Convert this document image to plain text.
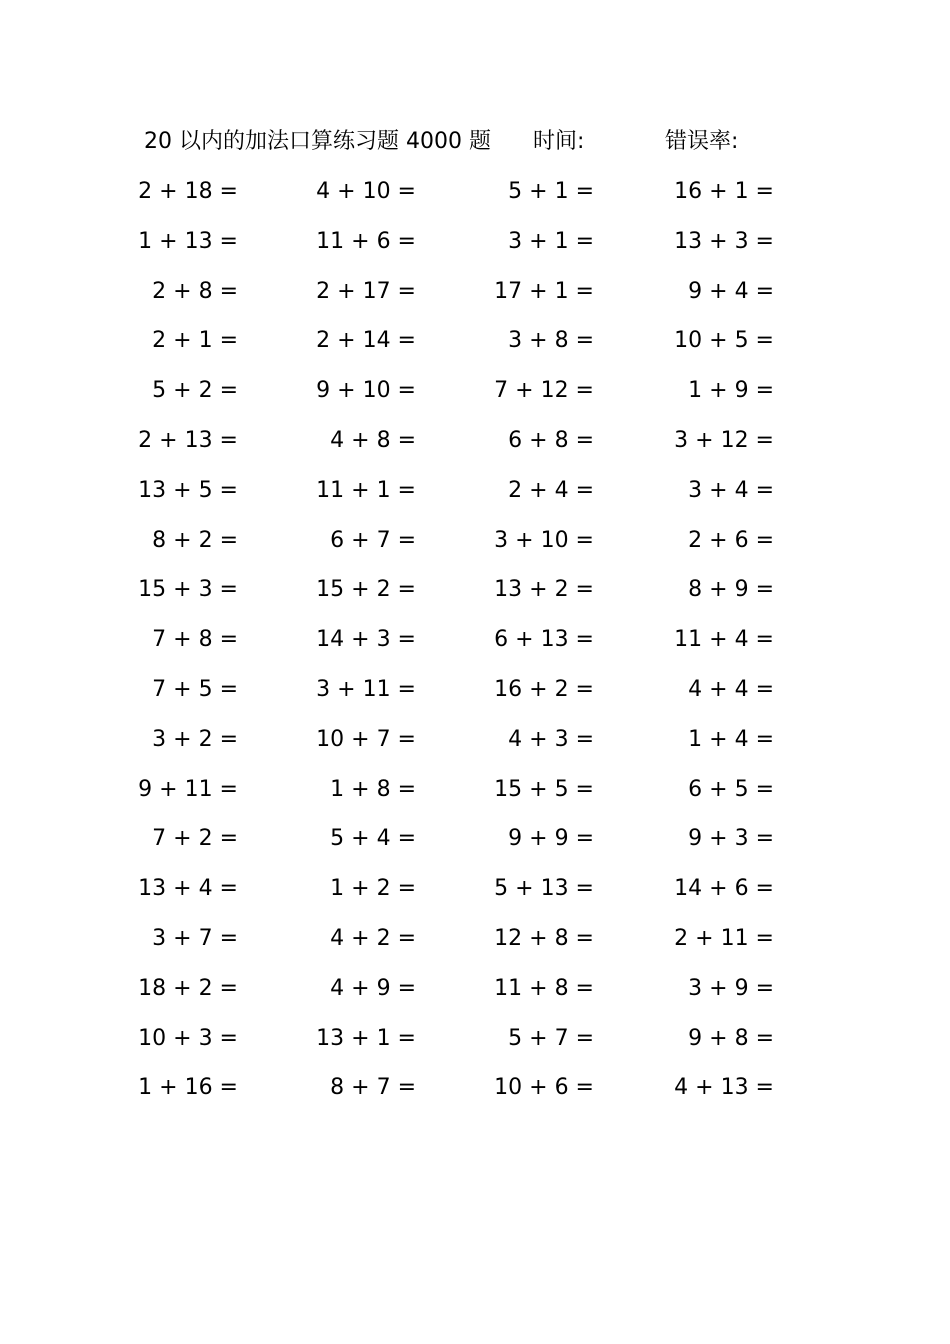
20 以内的加法口算练习题 4000 题 时间:	错误率:
2 + 18 =	4 + 10 =	5 + 1 =	16 + 1 =
1 + 13 =	11 + 6 =	3 + 1 =	13 + 3 =
2 + 8 =	2 + 17 =	17 + 1 =	9 + 4 =
2 + 1 =	2 + 14 =	3 + 8 =	10 + 5 =
5 + 2 =	9 + 10 =	7 + 12 =	1 + 9 =
2 + 13 =	4 + 8 =	6 + 8 =	3 + 12 =
13 + 5 =	11 + 1 =	2 + 4 =	3 + 4 =
8 + 2 =	6 + 7 =	3 + 10 =	2 + 6 =
15 + 3 =	15 + 2 =	13 + 2 =	8 + 9 =
7 + 8 =	14 + 3 =	6 + 13 =	11 + 4 =
7 + 5 =	3 + 11 =	16 + 2 =	4 + 4 =
3 + 2 =	10 + 7 =	4 + 3 =	1 + 4 =
9 + 11 =	1 + 8 =	15 + 5 =	6 + 5 =
7 + 2 =	5 + 4 =	9 + 9 =	9 + 3 =
13 + 4 =	1 + 2 =	5 + 13 =	14 + 6 =
3 + 7 =	4 + 2 =	12 + 8 =	2 + 11 =
18 + 2 =	4 + 9 =	11 + 8 =	3 + 9 =
10 + 3 =	13 + 1 =	5 + 7 =	9 + 8 =
1 + 16 =	8 + 7 =	10 + 6 =	4 + 13 =
